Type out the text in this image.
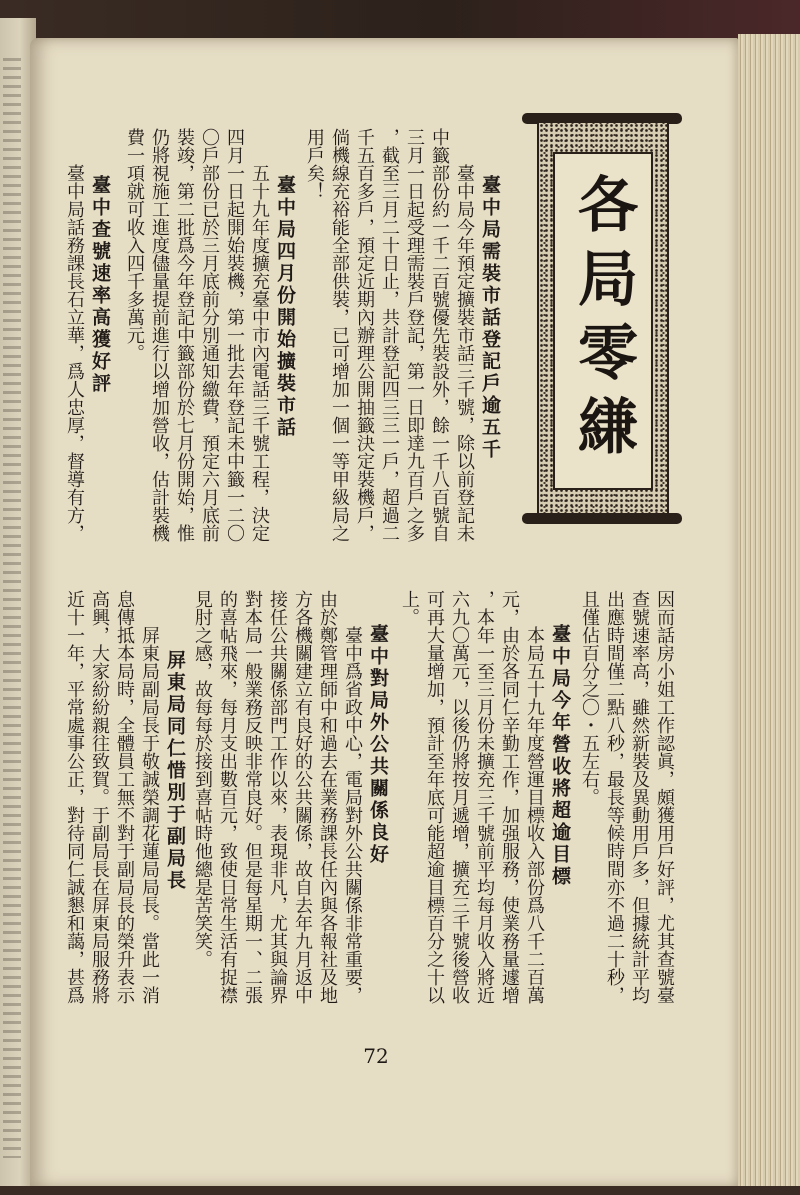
各局零縑
臺中局需裝市話登記戶逾五千
臺中局今年預定擴裝市話三千號，除以前登記未
中籤部份約一千二百號優先裝設外，餘一千八百號自
三月一日起受理需裝戶登記，第一日即達九百戶之多
，截至三月二十日止，共計登記四三三一戶，超過二
千五百多戶，預定近期內辦理公開抽籤決定裝機戶，
倘機線充裕能全部供裝，已可增加一個一等甲級局之
用戶矣！
臺中局四月份開始擴裝市話
五十九年度擴充臺中市內電話三千號工程，決定
四月一日起開始裝機，第一批去年登記未中籤一二〇
〇戶部份已於三月底前分別通知繳費，預定六月底前
裝竣，第二批爲今年登記中籤部份於七月份開始，惟
仍將視施工進度儘量提前進行以增加營收，估計裝機
費一項就可收入四千多萬元。
臺中查號速率高獲好評
臺中局話務課長石立華，爲人忠厚，督導有方，
因而話房小姐工作認眞，頗獲用戶好評，尤其查號臺
查號速率高，雖然新裝及異動用戶多，但據統計平均
出應時間僅二點八秒，最長等候時間亦不過二十秒，
且僅佔百分之〇・五左右。
臺中局今年營收將超逾目標
本局五十九年度營運目標收入部份爲八千二百萬
元，由於各同仁辛勤工作，加强服務，使業務量遽增
，本年一至三月份未擴充三千號前平均每月收入將近
六九〇萬元，以後仍將按月遞增，擴充三千號後營收
可再大量增加，預計至年底可能超逾目標百分之十以
上。
臺中對局外公共關係良好
臺中爲省政中心，電局對外公共關係非常重要，
由於鄭管理師中和過去在業務課長任內與各報社及地
方各機關建立有良好的公共關係，故自去年九月返中
接任公共關係部門工作以來，表現非凡，尤其與論界
對本局一般業務反映非常良好。但是每星期一、二張
的喜帖飛來，每月支出數百元，致使日常生活有捉襟
見肘之感，故每每於接到喜帖時他總是苦笑笑。
屏東局同仁惜別于副局長
屏東局副局長于敬誠榮調花蓮局局長。當此一消
息傳抵本局時，全體員工無不對于副局長的榮升表示
高興，大家紛紛親往致賀。于副局長在屏東局服務將
近十一年，平常處事公正，對待同仁誠懇和藹，甚爲
72
